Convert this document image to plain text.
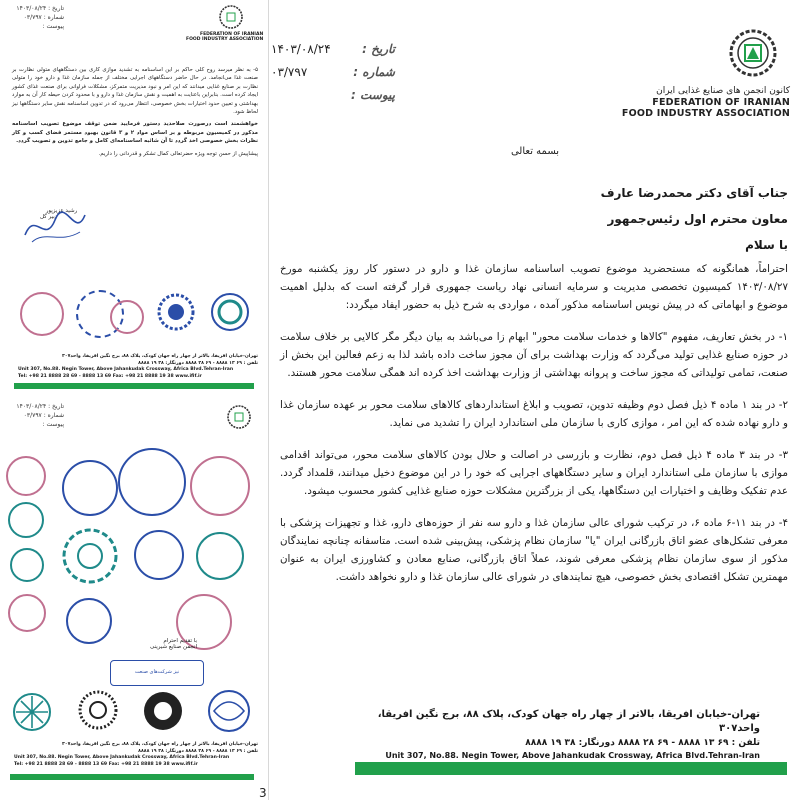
کانون انجمن های صنایع غذایی ایران
FEDERATION OF IRANIAN
FOOD INDUSTRY ASSOCIATION
تاریخ :
۱۴۰۳/۰۸/۲۴
شماره :
۰۳/۷۹۷
پیوست :
بسمه تعالی
جناب آقای دکتر محمدرضا عارف
معاون محترم اول رئیس‌جمهور
با سلام

احتراماً، همانگونه که مستحضرید موضوع تصویب اساسنامه سازمان غذا و دارو در دستور کار روز یکشنبه مورخ ۱۴۰۳/۰۸/۲۷ کمیسیون تخصصی مدیریت و سرمایه انسانی نهاد ریاست جمهوری قرار گرفته است که بدلیل اهمیت موضوع و ابهاماتی که در پیش نویس اساسنامه مذکور آمده ، مواردی به شرح ذیل به حضور ایفاد میگردد:

۱- در بخش تعاریف، مفهوم "کالاها و خدمات سلامت محور" ابهام زا می‌باشد به بیان دیگر مگر کالایی بر خلاف سلامت در حوزه صنایع غذایی تولید می‌گردد که وزارت بهداشت برای آن مجوز ساخت داده باشد لذا به زعم فعالین این بخش از صنعت، تمامی تولیداتی که مجوز ساخت و پروانه بهداشتی از وزارت بهداشت اخذ کرده اند همگی سلامت محور هستند.

۲- در بند ۱ ماده ۴ ذیل فصل دوم وظیفه تدوین، تصویب و ابلاغ استانداردهای کالاهای سلامت محور بر عهده سازمان غذا و دارو نهاده شده که این امر ، موازی کاری با سازمان ملی استاندارد ایران را تشدید می نماید.

۳- در بند ۳ ماده ۴ ذیل فصل دوم، نظارت و بازرسی در اصالت و حلال بودن کالاهای سلامت محور، می‌تواند اقدامی موازی با سازمان ملی استاندارد ایران و سایر دستگاههای اجرایی که خود را در این موضوع دخیل میدانند، قلمداد گردد. عدم تفکیک وظایف و اختیارات این دستگاهها، یکی از بزرگترین مشکلات حوزه صنایع غذایی کشور محسوب میشود.

۴- در بند ۱۱-۶ ماده ۶، در ترکیب شورای عالی سازمان غذا و دارو سه نفر از حوزه‌های دارو، غذا و تجهیزات پزشکی با معرفی تشکل‌های عضو اتاق بازرگانی ایران "یا" سازمان نظام پزشکی، پیش‌بینی شده است. متاسفانه چنانچه نمایندگان مذکور از سوی سازمان نظام پزشکی معرفی شوند، عملاً اتاق بازرگانی، صنایع معادن و کشاورزی ایران به عنوان مهمترین تشکل اقتصادی بخش خصوصی، هیچ نمایندهای در شورای عالی سازمان غذا و دارو نخواهد داشت.

تهران-خیابان افریقا، بالاتر از چهار راه جهان کودک، پلاک ۸۸، برج نگین افریقا، واحد۳۰۷
تلفن : ۶۹ ۱۳ ۸۸۸۸ - ۶۹ ۲۸ ۸۸۸۸ دورنگار: ۳۸ ۱۹ ۸۸۸۸
Unit 307, No.88. Negin Tower, Above Jahankudak Crossway, Africa Blvd.Tehran-Iran
تاریخ : ۱۴۰۳/۰۸/۲۴
شماره : ۰۳/۷۹۷
پیوست :
FEDERATION OF IRANIAN
FOOD INDUSTRY ASSOCIATION

۵- به نظر میرسد روح کلی حاکم بر این اساسنامه به تشدید موازی کاری بین دستگاههای متولی نظارت بر صنعت غذا می‌انجامد. در حال حاضر دستگاههای اجرایی مختلف از جمله سازمان غذا و دارو خود را متولی نظارت بر صنایع غذایی میدانند که این امر و نبود مدیریت متمرکز، مشکلات فراوانی برای صنعت غذای کشور ایجاد کرده است. بنابراین باعنایت به اهمیت و نقش سازمان غذا و دارو و با محدود کردن حیطه کار آن به موارد بهداشتی و تعیین حدود اختیارات بخش خصوصی، انتظار می‌رود که در تدوین اساسنامه نقش سایر دستگاهها نیز لحاظ شود.

خواهشمند است درصورت صلاحدید دستور فرمایید ضمن توقف موضوع تصویب اساسنامه مذکور در کمیسیون مربوطه و بر اساس مواد ۲ و ۳ قانون بهبود مستمر فضای کسب و کار نظرات بخش خصوصی اخذ گردد تا آن شائبه اساسنامه‌ای کامل و جامع تدوین و تصویب گردد.

پیشاپیش از حسن توجه ویژه حضرتعالی کمال تشکر و قدردانی را داریم.

رشید عزیزپور
دبیر کل
تهران-خیابان افریقا، بالاتر از چهار راه جهان کودک، پلاک ۸۸، برج نگین افریقا، واحد۳۰۷
تلفن : ۶۹ ۱۳ ۸۸۸۸ - ۶۹ ۲۸ ۸۸۸۸ دورنگار: ۳۸ ۱۹ ۸۸۸۸
Unit 307, No.88. Negin Tower, Above Jahankudak Crossway, Africa Blvd.Tehran-Iran
Tel: +98 21 8888 28 69 - 8888 13 69 Fax: +98 21 8888 19 38 www.ifif.ir
تاریخ : ۱۴۰۳/۰۸/۲۴
شماره : ۰۳/۷۹۷
پیوست :
با تقدیم احترام
انجمن صنایع شیرینی
نیز شرکت‌های صنعت
تهران-خیابان افریقا، بالاتر از چهار راه جهان کودک، پلاک ۸۸، برج نگین افریقا، واحد۳۰۷
تلفن : ۶۹ ۱۳ ۸۸۸۸ - ۶۹ ۲۸ ۸۸۸۸ دورنگار: ۳۸ ۱۹ ۸۸۸۸
Unit 307, No.88. Negin Tower, Above Jahankudak Crossway, Africa Blvd.Tehran-Iran
Tel: +98 21 8888 28 69 - 8888 13 69 Fax: +98 21 8888 19 38 www.ifif.ir
3
